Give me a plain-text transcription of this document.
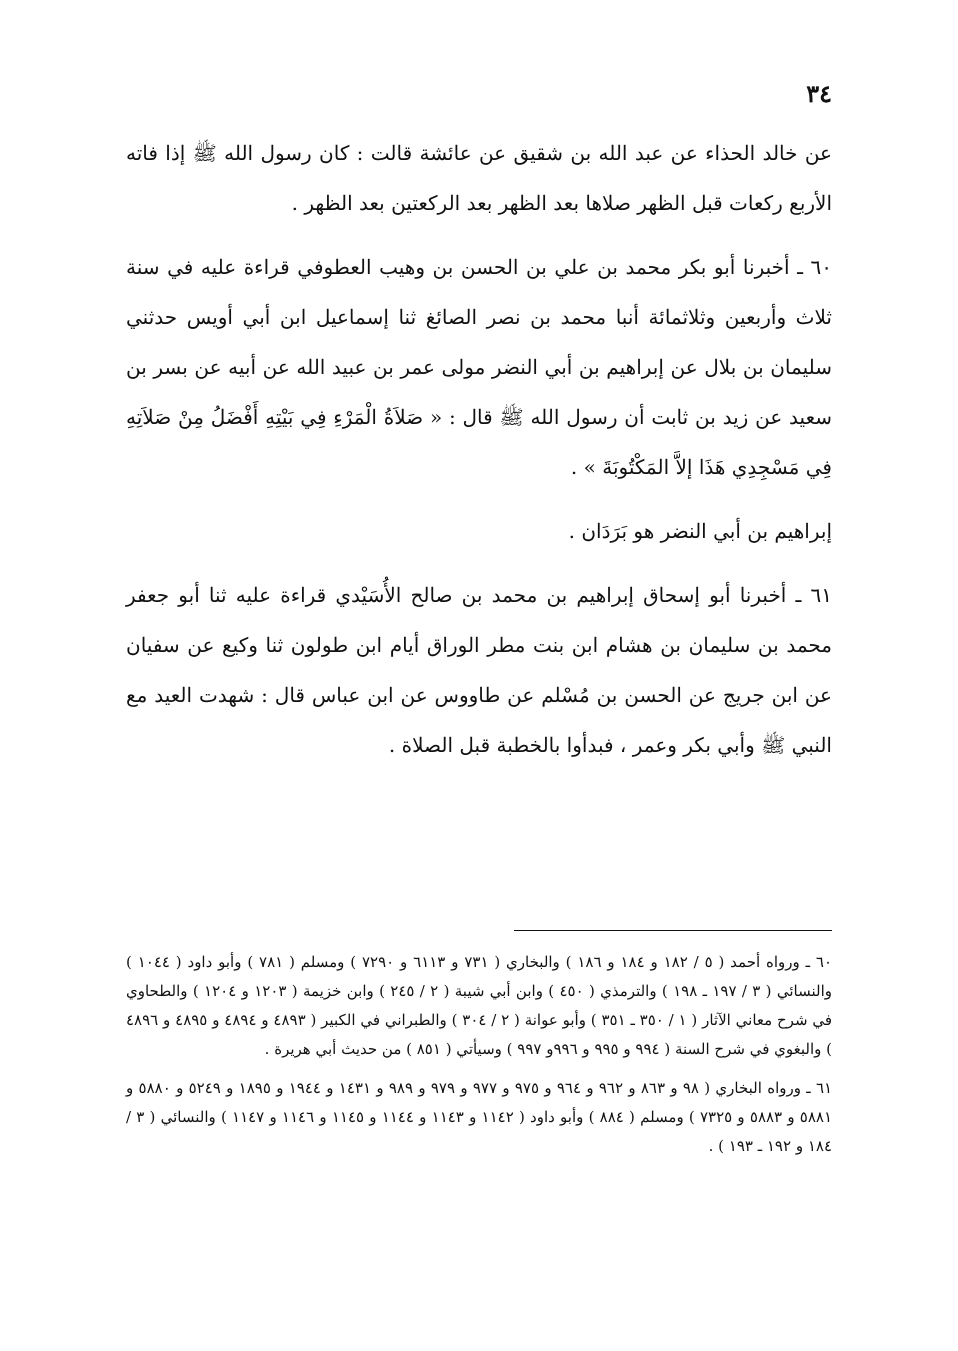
٣٤

عن خالد الحذاء عن عبد الله بن شقيق عن عائشة قالت : كان رسول الله ﷺ إذا فاته الأربع ركعات قبل الظهر صلاها بعد الظهر بعد الركعتين بعد الظهر .

٦٠ ـ أخبرنا أبو بكر محمد بن علي بن الحسن بن وهيب العطوفي قراءة عليه في سنة ثلاث وأربعين وثلاثمائة أنبا محمد بن نصر الصائغ ثنا إسماعيل ابن أبي أويس حدثني سليمان بن بلال عن إبراهيم بن أبي النضر مولى عمر بن عبيد الله عن أبيه عن بسر بن سعيد عن زيد بن ثابت أن رسول الله ﷺ قال : « صَلاَةُ الْمَرْءِ فِي بَيْتِهِ أَفْضَلُ مِنْ صَلاَتِهِ فِي مَسْجِدِي هَذَا إلاَّ المَكْتُوبَةَ » .

إبراهيم بن أبي النضر هو بَرَدَان .

٦١ ـ أخبرنا أبو إسحاق إبراهيم بن محمد بن صالح الأُسَيْدي قراءة عليه ثنا أبو جعفر محمد بن سليمان بن هشام ابن بنت مطر الوراق أيام ابن طولون ثنا وكيع عن سفيان عن ابن جريج عن الحسن بن مُسْلم عن طاووس عن ابن عباس قال : شهدت العيد مع النبي ﷺ وأبي بكر وعمر ، فبدأوا بالخطبة قبل الصلاة .

٦٠ ـ ورواه أحمد ( ٥ / ١٨٢ و ١٨٤ و ١٨٦ ) والبخاري ( ٧٣١ و ٦١١٣ و ٧٢٩٠ ) ومسلم ( ٧٨١ ) وأبو داود ( ١٠٤٤ ) والنسائي ( ٣ / ١٩٧ ـ ١٩٨ ) والترمذي ( ٤٥٠ ) وابن أبي شيبة ( ٢ / ٢٤٥ ) وابن خزيمة ( ١٢٠٣ و ١٢٠٤ ) والطحاوي في شرح معاني الآثار ( ١ / ٣٥٠ ـ ٣٥١ ) وأبو عوانة ( ٢ / ٣٠٤ ) والطبراني في الكبير ( ٤٨٩٣ و ٤٨٩٤ و ٤٨٩٥ و ٤٨٩٦ ) والبغوي في شرح السنة ( ٩٩٤ و ٩٩٥ و ٩٩٦و ٩٩٧ ) وسيأتي ( ٨٥١ ) من حديث أبي هريرة .

٦١ ـ ورواه البخاري ( ٩٨ و ٨٦٣ و ٩٦٢ و ٩٦٤ و ٩٧٥ و ٩٧٧ و ٩٧٩ و ٩٨٩ و ١٤٣١ و ١٩٤٤ و ١٨٩٥ و ٥٢٤٩ و ٥٨٨٠ و ٥٨٨١ و ٥٨٨٣ و ٧٣٢٥ ) ومسلم ( ٨٨٤ ) وأبو داود ( ١١٤٢ و ١١٤٣ و ١١٤٤ و ١١٤٥ و ١١٤٦ و ١١٤٧ ) والنسائي ( ٣ / ١٨٤ و ١٩٢ ـ ١٩٣ ) .
